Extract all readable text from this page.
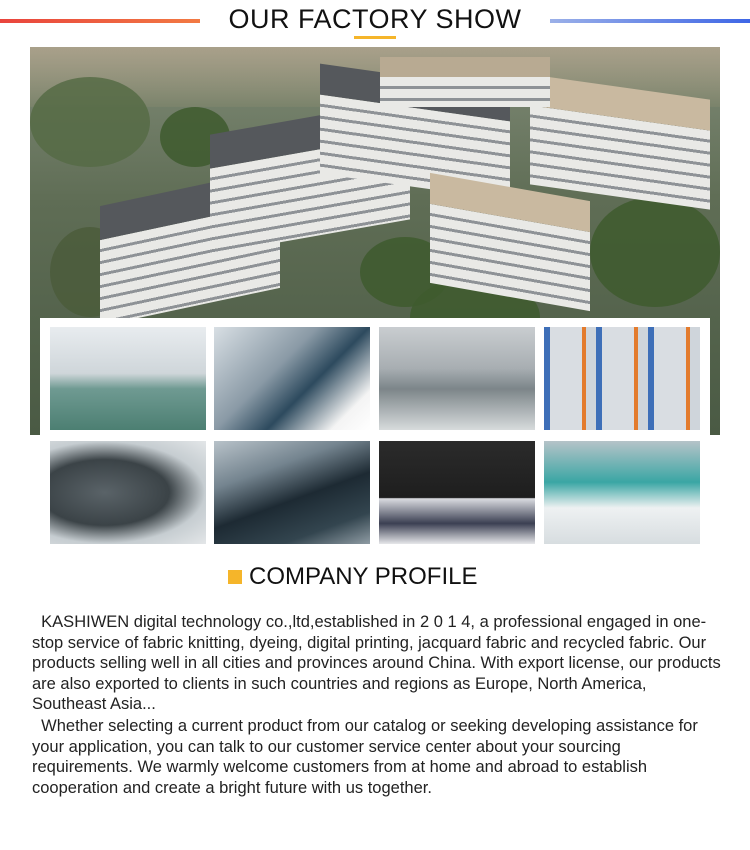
OUR FACTORY SHOW
COMPANY PROFILE
KASHIWEN digital technology co.,ltd,established in 2 0 1 4, a professional engaged in one-stop service of fabric knitting, dyeing, digital printing, jacquard fabric and recycled fabric. Our products selling well in all cities and provinces around China. With export license, our products are also exported to clients in such countries and regions as Europe, North America, Southeast Asia...
Whether selecting a current product from our catalog or seeking developing assistance for your application, you can talk to our customer service center about your sourcing requirements. We warmly welcome customers from at home and abroad to establish cooperation and create a bright future with us together.
